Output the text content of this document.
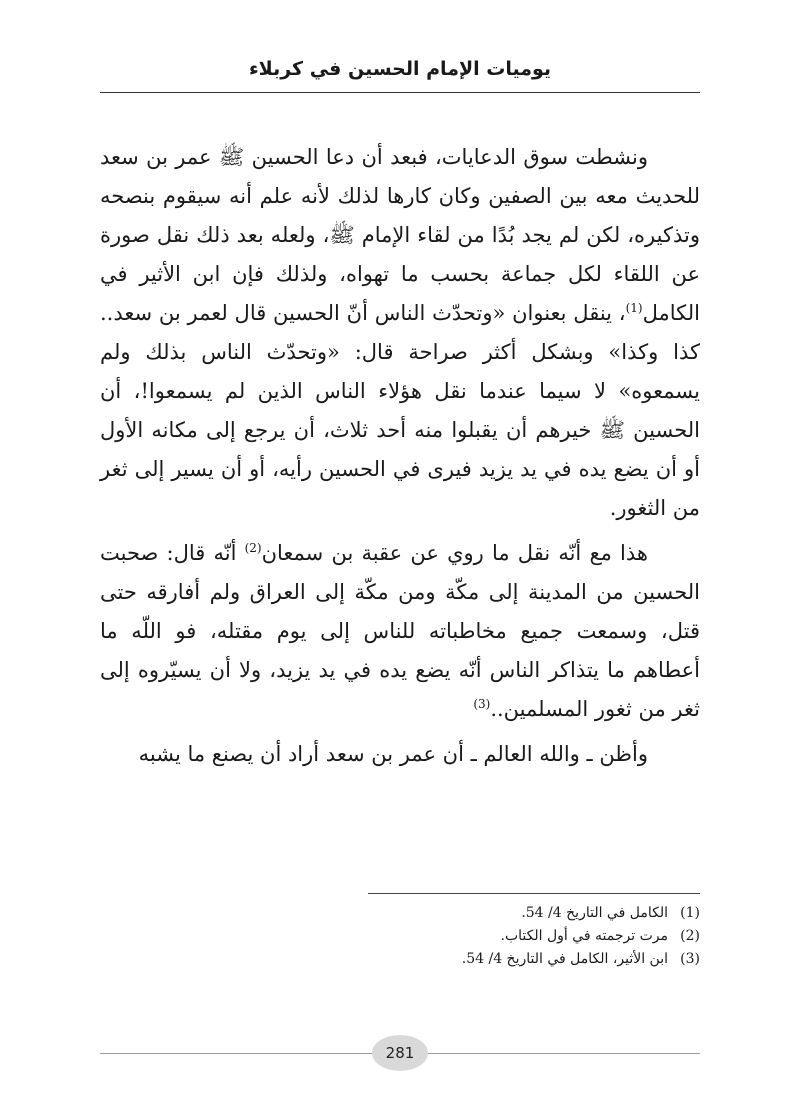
يوميات الإمام الحسين في كربلاء

ونشطت سوق الدعايات، فبعد أن دعا الحسين ﷺ عمر بن سعد للحديث معه بين الصفين وكان كارها لذلك لأنه علم أنه سيقوم بنصحه وتذكيره، لكن لم يجد بُدًا من لقاء الإمام ﷺ، ولعله بعد ذلك نقل صورة عن اللقاء لكل جماعة بحسب ما تهواه، ولذلك فإن ابن الأثير في الكامل$^{(1)}$، ينقل بعنوان «وتحدّث الناس أنّ الحسين قال لعمر بن سعد.. كذا وكذا» وبشكل أكثر صراحة قال: «وتحدّث الناس بذلك ولم يسمعوه» لا سيما عندما نقل هؤلاء الناس الذين لم يسمعوا!، أن الحسين ﷺ خيرهم أن يقبلوا منه أحد ثلاث، أن يرجع إلى مكانه الأول أو أن يضع يده في يد يزيد فيرى في الحسين رأيه، أو أن يسير إلى ثغر من الثغور.

هذا مع أنّه نقل ما روي عن عقبة بن سمعان$^{(2)}$ أنّه قال: صحبت الحسين من المدينة إلى مكّة ومن مكّة إلى العراق ولم أفارقه حتى قتل، وسمعت جميع مخاطباته للناس إلى يوم مقتله، فو اللّه ما أعطاهم ما يتذاكر الناس أنّه يضع يده في يد يزيد، ولا أن يسيّروه إلى ثغر من ثغور المسلمين..$^{(3)}$

وأظن ـ والله العالم ـ أن عمر بن سعد أراد أن يصنع ما يشبه

(1)الكامل في التاريخ 4/ 54.
(2)مرت ترجمته في أول الكتاب.
(3)ابن الأثير، الكامل في التاريخ 4/ 54.
281
